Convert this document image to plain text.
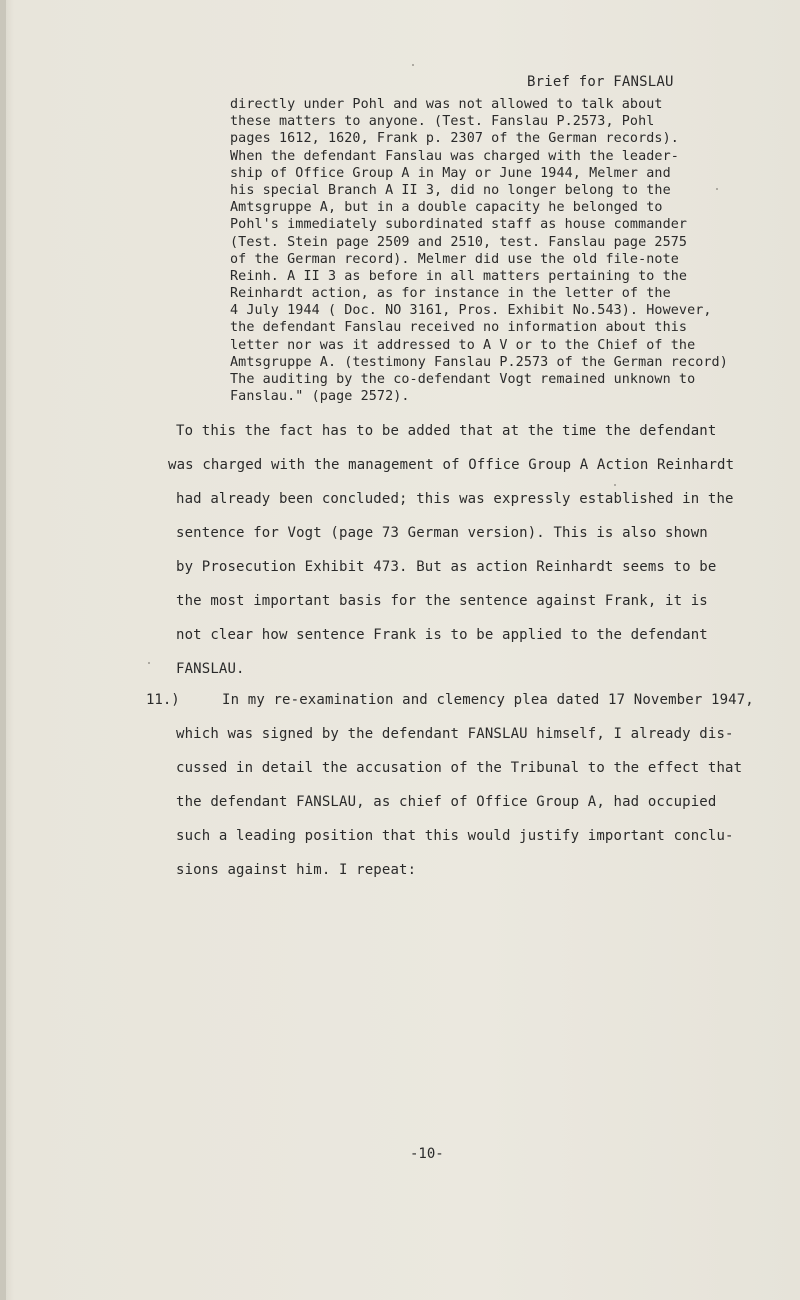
Brief for FANSLAU
directly under Pohl and was not allowed to talk about
these matters to anyone. (Test. Fanslau P.2573, Pohl
pages 1612, 1620, Frank p. 2307 of the German records).
When the defendant Fanslau was charged with the leader-
ship of Office Group A in May or June 1944, Melmer and
his special Branch A II 3, did no longer belong to the
Amtsgruppe A, but in a double capacity he belonged to
Pohl's immediately subordinated staff as house commander
(Test. Stein page 2509 and 2510, test. Fanslau page 2575
of the German record). Melmer did use the old file-note
Reinh. A II 3 as before in all matters pertaining to the
Reinhardt action, as for instance in the letter of the
4 July 1944 ( Doc. NO 3161, Pros. Exhibit No.543). However,
the defendant Fanslau received no information about this
letter nor was it addressed to A V or to the Chief of the
Amtsgruppe A. (testimony Fanslau P.2573 of the German record)
The auditing by the co-defendant Vogt remained unknown to
Fanslau." (page 2572).
To this the fact has to be added that at the time the defendant
was charged with the management of Office Group A Action Reinhardt
had already been concluded; this was expressly established in the
sentence for Vogt (page 73 German version). This is also shown
by Prosecution Exhibit 473. But as action Reinhardt seems to be
the most important basis for the sentence against Frank, it is
not clear how sentence Frank is to be applied to the defendant
FANSLAU.
11.)	In my re-examination and clemency plea dated 17 November 1947,
which was signed by the defendant FANSLAU himself, I already dis-
cussed in detail the accusation of the Tribunal to the effect that
the defendant FANSLAU, as chief of Office Group A, had occupied
such a leading position that this would justify important conclu-
sions against him. I repeat:
-10-
